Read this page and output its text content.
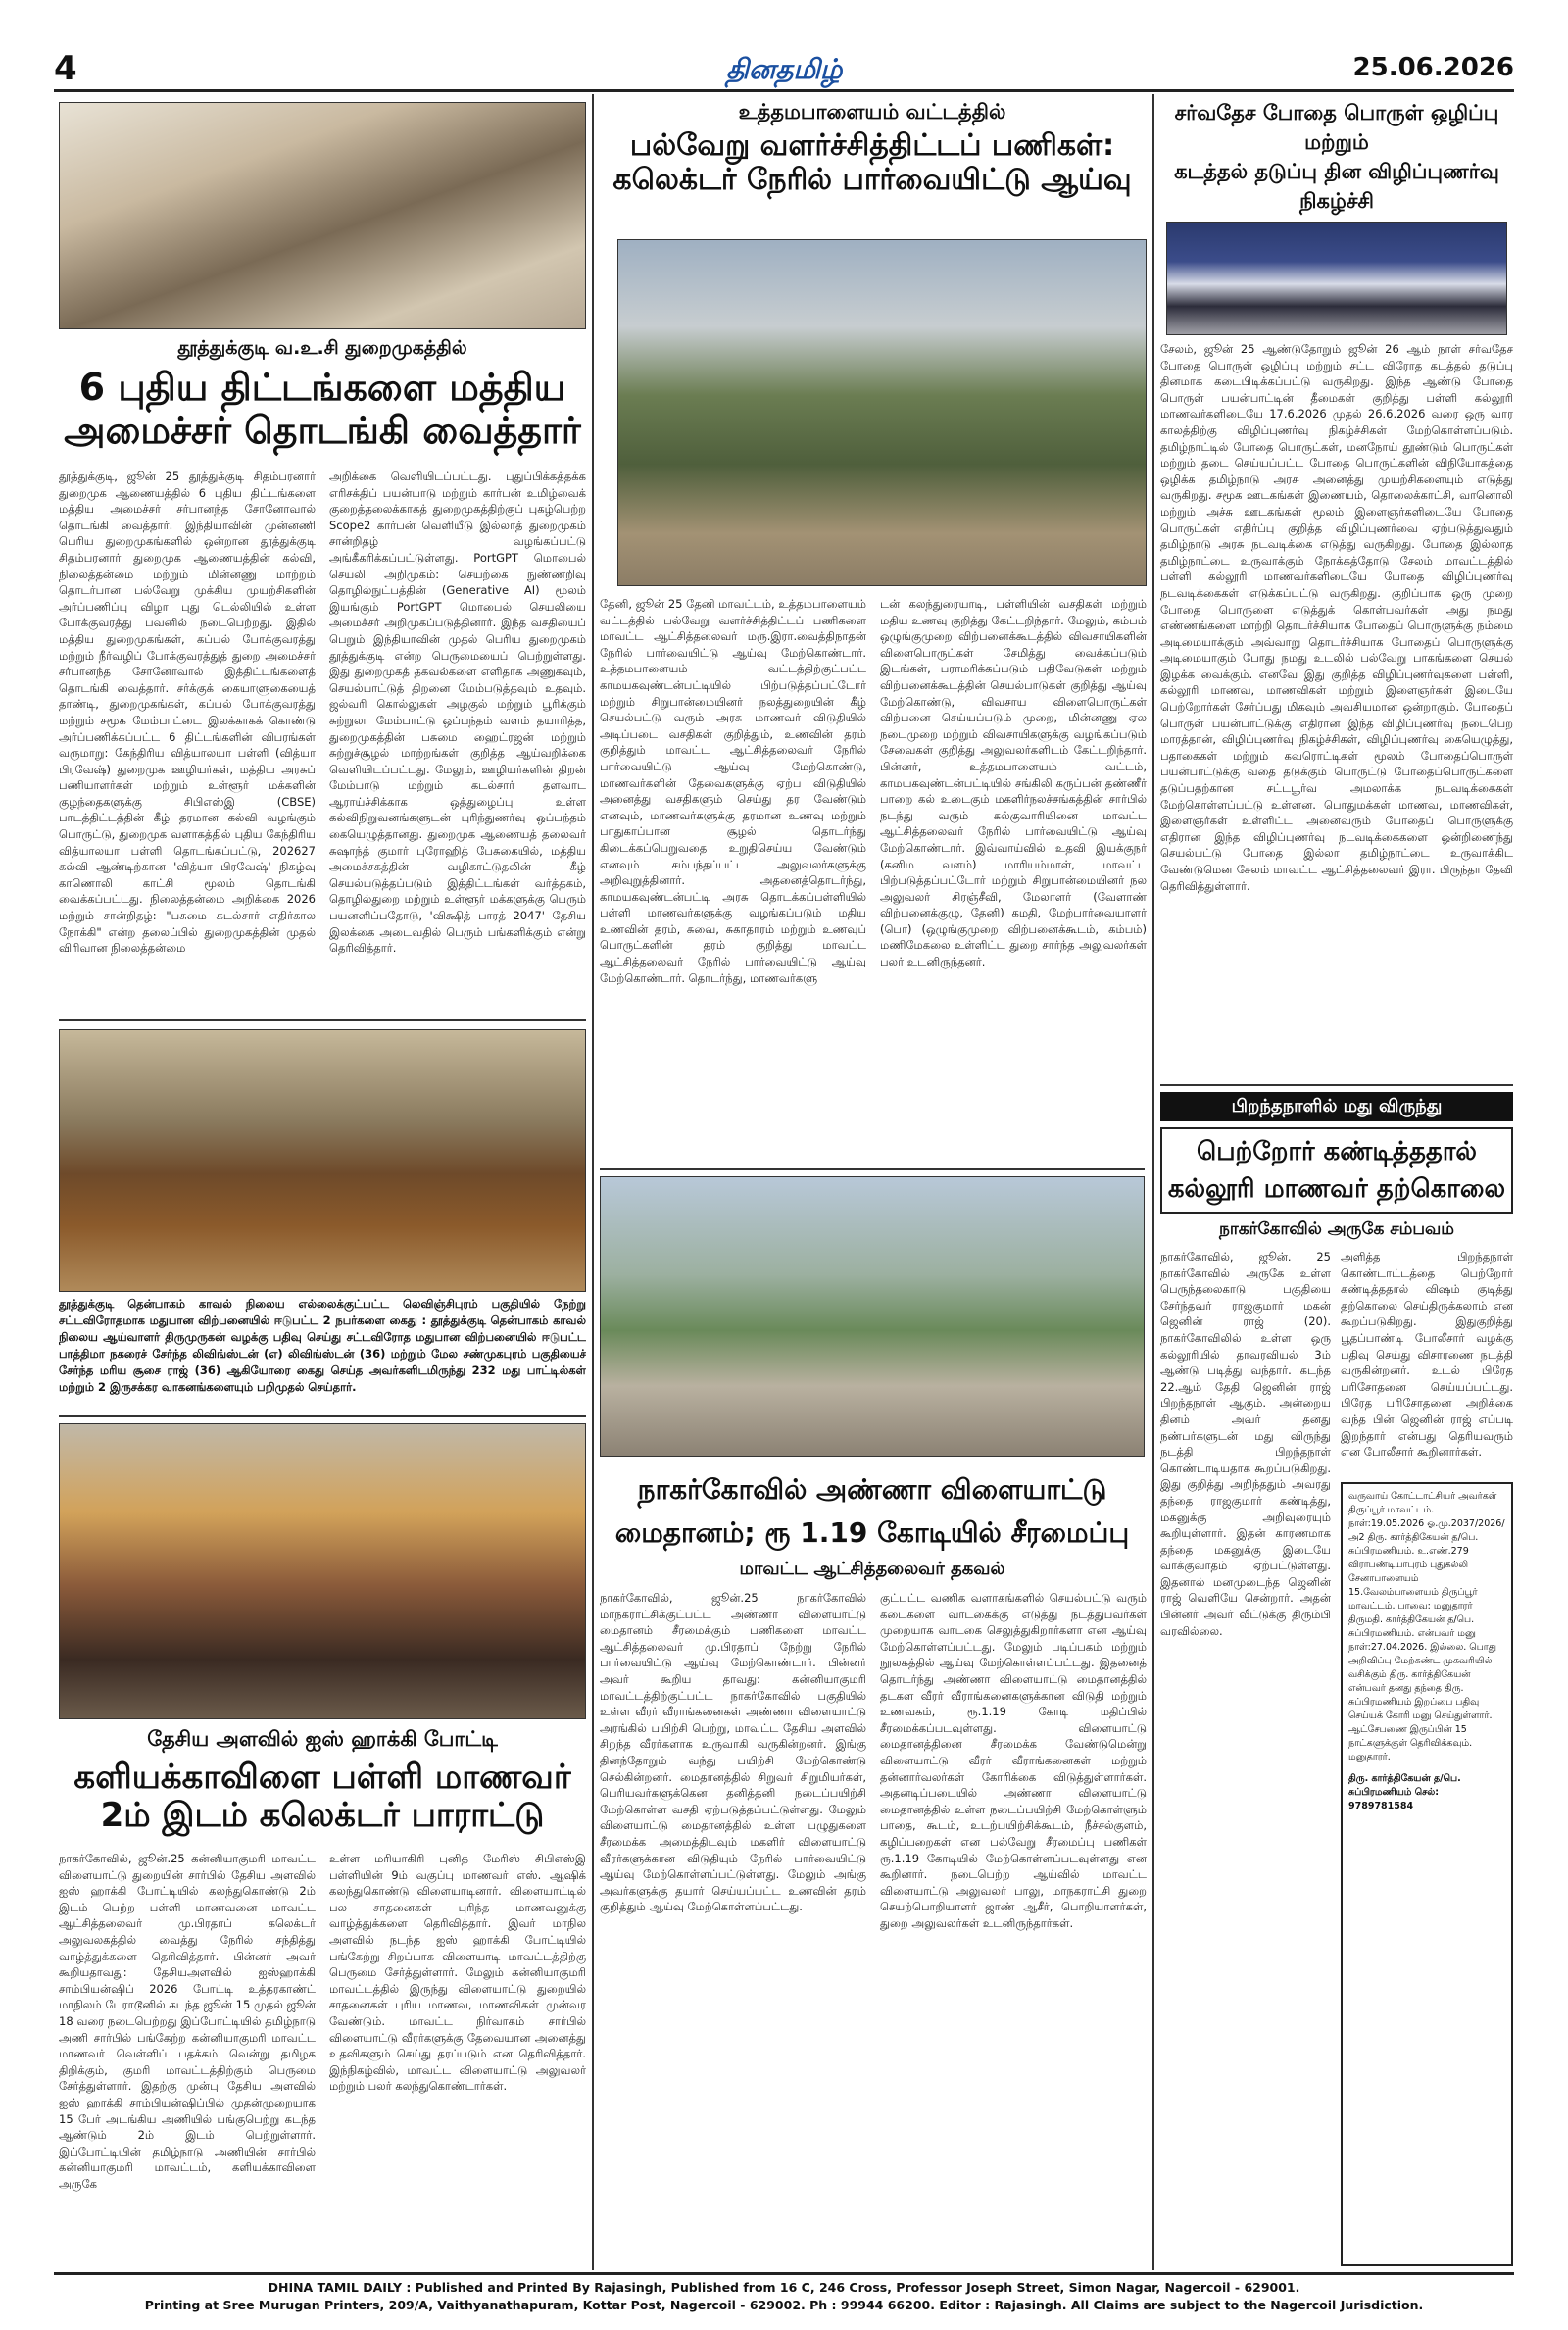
4	தினதமிழ்	25.06.2026
தூத்துக்குடி வ.உ.சி துறைமுகத்தில்
6 புதிய திட்டங்களை மத்திய
அமைச்சர் தொடங்கி வைத்தார்
தூத்துக்குடி, ஜூன் 25 தூத்துக்குடி சிதம்பரனார் துறைமுக ஆணையத்தில் 6 புதிய திட்டங்களை மத்திய அமைச்சர் சர்பானந்த சோனோவால் தொடங்கி வைத்தார். இந்தியாவின் முன்னணி பெரிய துறைமுகங்களில் ஒன்றான தூத்துக்குடி சிதம்பரனார் துறைமுக ஆணையத்தின் கல்வி, நிலைத்தன்மை மற்றும் மின்னணு மாற்றம் தொடர்பான பல்வேறு முக்கிய முயற்சிகளின் அர்ப்பணிப்பு விழா புது டெல்லியில் உள்ள போக்குவரத்து பவனில் நடைபெற்றது. இதில் மத்திய துறைமுகங்கள், கப்பல் போக்குவரத்து மற்றும் நீர்வழிப் போக்குவரத்துத் துறை அமைச்சர் சர்பானந்த சோனோவால் இத்திட்டங்களைத் தொடங்கி வைத்தார். சர்க்குக் கையாளுகையைத் தாண்டி, துறைமுகங்கள், கப்பல் போக்குவரத்து மற்றும் சமூக மேம்பாட்டை இலக்காகக் கொண்டு அர்ப்பணிக்கப்பட்ட 6 திட்டங்களின் விபரங்கள் வருமாறு: கேந்திரிய வித்யாலயா பள்ளி (வித்யா பிரவேஷ்) துறைமுக ஊழியர்கள், மத்திய அரசுப் பணியாளர்கள் மற்றும் உள்ளூர் மக்களின் குழந்தைகளுக்கு சிபிஎஸ்இ (CBSE) பாடத்திட்டத்தின் கீழ் தரமான கல்வி வழங்கும் பொருட்டு, துறைமுக வளாகத்தில் புதிய கேந்திரிய வித்யாலயா பள்ளி தொடங்கப்பட்டு, 202627 கல்வி ஆண்டிற்கான 'வித்யா பிரவேஷ்' நிகழ்வு காணொலி காட்சி மூலம் தொடங்கி வைக்கப்பட்டது. நிலைத்தன்மை அறிக்கை 2026 மற்றும் சான்றிதழ்: "பசுமை கடல்சார் எதிர்கால நோக்கி" என்ற தலைப்பில் துறைமுகத்தின் முதல் விரிவான நிலைத்தன்மை
அறிக்கை வெளியிடப்பட்டது. புதுப்பிக்கத்தக்க எரிசக்திப் பயன்பாடு மற்றும் கார்பன் உமிழ்வைக் குறைத்தலைக்காகத் துறைமுகத்திற்குப் புகழ்பெற்ற Scope2 கார்பன் வெளியீடு இல்லாத் துறைமுகம் சான்றிதழ் வழங்கப்பட்டு அங்கீகரிக்கப்பட்டுள்ளது. PortGPT மொபைல் செயலி அறிமுகம்: செயற்கை நுண்ணறிவு தொழில்நுட்பத்தின் (Generative AI) மூலம் இயங்கும் PortGPT மொபைல் செயலியை அமைச்சர் அறிமுகப்படுத்தினார். இந்த வசதியைப் பெறும் இந்தியாவின் முதல் பெரிய துறைமுகம் தூத்துக்குடி என்ற பெருமையைப் பெற்றுள்ளது. இது துறைமுகத் தகவல்களை எளிதாக அணுகவும், செயல்பாட்டுத் திறனை மேம்படுத்தவும் உதவும். ஜல்வரி கொல்லுகள் அழகுல் மற்றும் பூரிக்கும் சுற்றுலா மேம்பாட்டு ஒப்பந்தம் வளம் தயாரித்த, துறைமுகத்தின் பசுமை ஹைட்ரஜன் மற்றும் சுற்றுச்சூழல் மாற்றங்கள் குறித்த ஆய்வறிக்கை வெளியிடப்பட்டது. மேலும், ஊழியர்களின் திறன் மேம்பாடு மற்றும் கடல்சார் தளவாட ஆராய்ச்சிக்காக ஒத்துழைப்பு உள்ள கல்விநிறுவனங்களுடன் புரிந்துணர்வு ஒப்பந்தம் கையெழுத்தானது. துறைமுக ஆணையத் தலைவர் சுஷாந்த் குமார் புரோஹித் பேசுகையில், மத்திய அமைச்சகத்தின் வழிகாட்டுதலின் கீழ் செயல்படுத்தப்படும் இத்திட்டங்கள் வர்த்தகம், தொழில்துறை மற்றும் உள்ளூர் மக்களுக்கு பெரும் பயனளிப்பதோடு, 'விக்ஷித் பாரத் 2047' தேசிய இலக்கை அடைவதில் பெரும் பங்களிக்கும் என்று தெரிவித்தார்.
தூத்துக்குடி தென்பாகம் காவல் நிலைய எல்லைக்குட்பட்ட லெவிஞ்சிபுரம் பகுதியில் நேற்று சட்டவிரோதமாக மதுபான விற்பனையில் ஈடுபட்ட 2 நபர்களை கைது : தூத்துக்குடி தென்பாகம் காவல் நிலைய ஆய்வாளர் திருமுருகன் வழக்கு பதிவு செய்து சட்டவிரோத மதுபான விற்பனையில் ஈடுபட்ட பாத்திமா நகரைச் சேர்ந்த லிவிங்ஸ்டன் (எ) லிவிங்ஸ்டன் (36) மற்றும் மேல சண்முகபுரம் பகுதியைச் சேர்ந்த மரிய சூசை ராஜ் (36) ஆகியோரை கைது செய்த அவர்களிடமிருந்து 232 மது பாட்டில்கள் மற்றும் 2 இருசக்கர வாகனங்களையும் பறிமுதல் செய்தார்.
தேசிய அளவில் ஐஸ் ஹாக்கி போட்டி
களியக்காவிளை பள்ளி மாணவர்
2ம் இடம் கலெக்டர் பாராட்டு
நாகர்கோவில், ஜூன்.25 கன்னியாகுமரி மாவட்ட விளையாட்டு துறையின் சார்பில் தேசிய அளவில் ஐஸ் ஹாக்கி போட்டியில் கலந்துகொண்டு 2ம் இடம் பெற்ற பள்ளி மாணவனை மாவட்ட ஆட்சித்தலைவர் மு.பிரதாப் கலெக்டர் அலுவலகத்தில் வைத்து நேரில் சந்தித்து வாழ்த்துக்களை தெரிவித்தார். பின்னர் அவர் கூறியதாவது: தேசியஅளவில் ஐஸ்ஹாக்கி சாம்பியன்ஷிப் 2026 போட்டி உத்தரகாண்ட் மாநிலம் டேராடூனில் கடந்த ஜூன் 15 முதல் ஜூன் 18 வரை நடைபெற்றது இப்போட்டியில் தமிழ்நாடு அணி சார்பில் பங்கேற்ற கன்னியாகுமரி மாவட்ட மாணவர் வெள்ளிப் பதக்கம் வென்று தமிழக திறிக்கும், குமரி மாவட்டத்திற்கும் பெருமை சேர்த்துள்ளார். இதற்கு முன்பு தேசிய அளவில் ஐஸ் ஹாக்கி சாம்பியன்ஷிப்பில் முதன்முறையாக 15 பேர் அடங்கிய அணியில் பங்குபெற்று கடந்த ஆண்டும் 2ம் இடம் பெற்றுள்ளார். இப்போட்டியின் தமிழ்நாடு அணியின் சார்பில் கன்னியாகுமரி மாவட்டம், களியக்காவிளை அருகே
உள்ள மரியாகிரி புனித மேரிஸ் சிபிஎஸ்இ பள்ளியின் 9ம் வகுப்பு மாணவர் எஸ். ஆஷிக் கலந்துகொண்டு விளையாடினார். விளையாட்டில் பல சாதனைகள் புரிந்த மாணவனுக்கு வாழ்த்துக்களை தெரிவித்தார். இவர் மாநில அளவில் நடந்த ஐஸ் ஹாக்கி போட்டியில் பங்கேற்று சிறப்பாக விளையாடி மாவட்டத்திற்கு பெருமை சேர்த்துள்ளார். மேலும் கன்னியாகுமரி மாவட்டத்தில் இருந்து விளையாட்டு துறையில் சாதனைகள் புரிய மாணவ, மாணவிகள் முன்வர வேண்டும். மாவட்ட நிர்வாகம் சார்பில் விளையாட்டு வீரர்களுக்கு தேவையான அனைத்து உதவிகளும் செய்து தரப்படும் என தெரிவித்தார். இந்நிகழ்வில், மாவட்ட விளையாட்டு அலுவலர் மற்றும் பலர் கலந்துகொண்டார்கள்.
உத்தமபாளையம் வட்டத்தில்
பல்வேறு வளர்ச்சித்திட்டப் பணிகள்:
கலெக்டர் நேரில் பார்வையிட்டு ஆய்வு
தேனி, ஜூன் 25 தேனி மாவட்டம், உத்தமபாளையம் வட்டத்தில் பல்வேறு வளர்ச்சித்திட்டப் பணிகளை மாவட்ட ஆட்சித்தலைவர் மரு.இரா.வைத்திநாதன் நேரில் பார்வையிட்டு ஆய்வு மேற்கொண்டார். உத்தமபாளையம் வட்டத்திற்குட்பட்ட காமயகவுண்டன்பட்டியில் பிற்படுத்தப்பட்டோர் மற்றும் சிறுபான்மையினர் நலத்துறையின் கீழ் செயல்பட்டு வரும் அரசு மாணவர் விடுதியில் அடிப்படை வசதிகள் குறித்தும், உணவின் தரம் குறித்தும் மாவட்ட ஆட்சித்தலைவர் நேரில் பார்வையிட்டு ஆய்வு மேற்கொண்டு, மாணவர்களின் தேவைகளுக்கு ஏற்ப விடுதியில் அனைத்து வசதிகளும் செய்து தர வேண்டும் எனவும், மாணவர்களுக்கு தரமான உணவு மற்றும் பாதுகாப்பான சூழல் தொடர்ந்து கிடைக்கப்பெறுவதை உறுதிசெய்ய வேண்டும் எனவும் சம்பந்தப்பட்ட அலுவலர்களுக்கு அறிவுறுத்தினார். அதனைத்தொடர்ந்து, காமயகவுண்டன்பட்டி அரசு தொடக்கப்பள்ளியில் பள்ளி மாணவர்களுக்கு வழங்கப்படும் மதிய உணவின் தரம், சுவை, சுகாதாரம் மற்றும் உணவுப் பொருட்களின் தரம் குறித்து மாவட்ட ஆட்சித்தலைவர் நேரில் பார்வையிட்டு ஆய்வு மேற்கொண்டார். தொடர்ந்து, மாணவர்களு
டன் கலந்துரையாடி, பள்ளியின் வசதிகள் மற்றும் மதிய உணவு குறித்து கேட்டறிந்தார். மேலும், கம்பம் ஒழுங்குமுறை விற்பனைக்கூடத்தில் விவசாயிகளின் விளைபொருட்கள் சேமித்து வைக்கப்படும் இடங்கள், பராமரிக்கப்படும் பதிவேடுகள் மற்றும் விற்பனைக்கூடத்தின் செயல்பாடுகள் குறித்து ஆய்வு மேற்கொண்டு, விவசாய விளைபொருட்கள் விற்பனை செய்யப்படும் முறை, மின்னணு ஏல நடைமுறை மற்றும் விவசாயிகளுக்கு வழங்கப்படும் சேவைகள் குறித்து அலுவலர்களிடம் கேட்டறிந்தார். பின்னர், உத்தமபாளையம் வட்டம், காமயகவுண்டன்பட்டியில் சங்கிலி கருப்பன் தண்ணீர் பாறை கல் உடைகும் மகளிர்நலச்சங்கத்தின் சார்பில் நடந்து வரும் கல்குவாரியினை மாவட்ட ஆட்சித்தலைவர் நேரில் பார்வையிட்டு ஆய்வு மேற்கொண்டார். இவ்வாய்வில் உதவி இயக்குநர் (கனிம வளம்) மாரியம்மாள், மாவட்ட பிற்படுத்தப்பட்டோர் மற்றும் சிறுபான்மையினர் நல அலுவலர் சிரஞ்சீவி, மேலாளர் (வேளாண் விற்பனைக்குழு, தேனி) கமதி, மேற்பார்வையாளர் (பொ) (ஒழுங்குமுறை விற்பனைக்கூடம், கம்பம்) மணிமேகலை உள்ளிட்ட துறை சார்ந்த அலுவலர்கள் பலர் உடனிருந்தனர்.
நாகர்கோவில் அண்ணா விளையாட்டு
மைதானம்; ரூ 1.19 கோடியில் சீரமைப்பு
மாவட்ட ஆட்சித்தலைவர் தகவல்
நாகர்கோவில், ஜூன்.25 நாகர்கோவில் மாநகராட்சிக்குட்பட்ட அண்ணா விளையாட்டு மைதானம் சீரமைக்கும் பணிகளை மாவட்ட ஆட்சித்தலைவர் மு.பிரதாப் நேற்று நேரில் பார்வையிட்டு ஆய்வு மேற்கொண்டார். பின்னர் அவர் கூறிய தாவது: கன்னியாகுமரி மாவட்டத்திற்குட்பட்ட நாகர்கோவில் பகுதியில் உள்ள வீரர் வீராங்கனைகள் அண்ணா விளையாட்டு அரங்கில் பயிற்சி பெற்று, மாவட்ட தேசிய அளவில் சிறந்த வீரர்களாக உருவாகி வருகின்றனர். இங்கு தினந்தோறும் வந்து பயிற்சி மேற்கொண்டு செல்கின்றனர். மைதானத்தில் சிறுவர் சிறுமியர்கள், பெரியவர்களுக்கென தனித்தனி நடைப்பயிற்சி மேற்கொள்ள வசதி ஏற்படுத்தப்பட்டுள்ளது. மேலும் விளையாட்டு மைதானத்தில் உள்ள பழுதுகளை சீரமைக்க அமைத்திடவும் மகளிர் விளையாட்டு வீரர்களுக்கான விடுதியும் நேரில் பார்வையிட்டு ஆய்வு மேற்கொள்ளப்பட்டுள்ளது. மேலும் அங்கு அவர்களுக்கு தயார் செய்யப்பட்ட உணவின் தரம் குறித்தும் ஆய்வு மேற்கொள்ளப்பட்டது.
குட்பட்ட வணிக வளாகங்களில் செயல்பட்டு வரும் கடைகளை வாடகைக்கு எடுத்து நடத்துபவர்கள் முறையாக வாடகை செலுத்துகிறார்களா என ஆய்வு மேற்கொள்ளப்பட்டது. மேலும் படிப்பகம் மற்றும் நூலகத்தில் ஆய்வு மேற்கொள்ளப்பட்டது. இதனைத் தொடர்ந்து அண்ணா விளையாட்டு மைதானத்தில் தடகள வீரர் வீராங்கனைகளுக்கான விடுதி மற்றும் உணவகம், ரூ.1.19 கோடி மதிப்பில் சீரமைக்கப்படவுள்ளது. விளையாட்டு மைதானத்தினை சீரமைக்க வேண்டுமென்று விளையாட்டு வீரர் வீராங்கனைகள் மற்றும் தன்னார்வலர்கள் கோரிக்கை விடுத்துள்ளார்கள். அதனடிப்படையில் அண்ணா விளையாட்டு மைதானத்தில் உள்ள நடைப்பயிற்சி மேற்கொள்ளும் பாதை, கூடம், உடற்பயிற்சிக்கூடம், நீச்சல்குளம், கழிப்பறைகள் என பல்வேறு சீரமைப்பு பணிகள் ரூ.1.19 கோடியில் மேற்கொள்ளப்படவுள்ளது என கூறினார். நடைபெற்ற ஆய்வில் மாவட்ட விளையாட்டு அலுவலர் பாலு, மாநகராட்சி துறை செயற்பொறியாளர் ஜாண் ஆசீர், பொறியாளர்கள், துறை அலுவலர்கள் உடனிருந்தார்கள்.
சர்வதேச போதை பொருள் ஒழிப்பு மற்றும்
கடத்தல் தடுப்பு தின விழிப்புணர்வு நிகழ்ச்சி
சேலம், ஜூன் 25 ஆண்டுதோறும் ஜூன் 26 ஆம் நாள் சர்வதேச போதை பொருள் ஒழிப்பு மற்றும் சட்ட விரோத கடத்தல் தடுப்பு தினமாக கடைபிடிக்கப்பட்டு வருகிறது. இந்த ஆண்டு போதை பொருள் பயன்பாட்டின் தீமைகள் குறித்து பள்ளி கல்லூரி மாணவர்களிடையே 17.6.2026 முதல் 26.6.2026 வரை ஒரு வார காலத்திற்கு விழிப்புணர்வு நிகழ்ச்சிகள் மேற்கொள்ளப்படும். தமிழ்நாட்டில் போதை பொருட்கள், மனநோய் தூண்டும் பொருட்கள் மற்றும் தடை செய்யப்பட்ட போதை பொருட்களின் விநியோகத்தை ஒழிக்க தமிழ்நாடு அரசு அனைத்து முயற்சிகளையும் எடுத்து வருகிறது. சமூக ஊடகங்கள் இணையம், தொலைக்காட்சி, வானொலி மற்றும் அச்சு ஊடகங்கள் மூலம் இளைஞர்களிடையே போதை பொருட்கள் எதிர்ப்பு குறித்த விழிப்புணர்வை ஏற்படுத்துவதும் தமிழ்நாடு அரசு நடவடிக்கை எடுத்து வருகிறது. போதை இல்லாத தமிழ்நாட்டை உருவாக்கும் நோக்கத்தோடு சேலம் மாவட்டத்தில் பள்ளி கல்லூரி மாணவர்களிடையே போதை விழிப்புணர்வு நடவடிக்கைகள் எடுக்கப்பட்டு வருகிறது. குறிப்பாக ஒரு முறை போதை பொருளை எடுத்துக் கொள்பவர்கள் அது நமது எண்ணங்களை மாற்றி தொடர்ச்சியாக போதைப் பொருளுக்கு நம்மை அடிமையாக்கும் அவ்வாறு தொடர்ச்சியாக போதைப் பொருளுக்கு அடிமையாகும் போது நமது உடலில் பல்வேறு பாகங்களை செயல் இழக்க வைக்கும். எனவே இது குறித்த விழிப்புணர்வுகளை பள்ளி, கல்லூரி மாணவ, மாணவிகள் மற்றும் இளைஞர்கள் இடையே பெற்றோர்கள் சேர்ப்பது மிகவும் அவசியமான ஒன்றாகும். போதைப் பொருள் பயன்பாட்டுக்கு எதிரான இந்த விழிப்புணர்வு நடைபெற மாரத்தான், விழிப்புணர்வு நிகழ்ச்சிகள், விழிப்புணர்வு கையெழுத்து, பதாகைகள் மற்றும் கவரொட்டிகள் மூலம் போதைப்பொருள் பயன்பாட்டுக்கு வதை தடுக்கும் பொருட்டு போதைப்பொருட்களை தடுப்பதற்கான சட்டபூர்வ அமலாக்க நடவடிக்கைகள் மேற்கொள்ளப்பட்டு உள்ளன. பொதுமக்கள் மாணவ, மாணவிகள், இளைஞர்கள் உள்ளிட்ட அனைவரும் போதைப் பொருளுக்கு எதிரான இந்த விழிப்புணர்வு நடவடிக்கைகளை ஒன்றிணைந்து செயல்பட்டு போதை இல்லா தமிழ்நாட்டை உருவாக்கிட வேண்டுமென சேலம் மாவட்ட ஆட்சித்தலைவர் இரா. பிருந்தா தேவி தெரிவித்துள்ளார்.
பிறந்தநாளில் மது விருந்து
பெற்றோர் கண்டித்ததால்
கல்லூரி மாணவர் தற்கொலை
நாகர்கோவில் அருகே சம்பவம்
நாகர்கோவில், ஜூன். 25 நாகர்கோவில் அருகே உள்ள பெருந்தலைகாடு பகுதியை சேர்ந்தவர் ராஜகுமார் மகன் ஜெனின் ராஜ் (20). நாகர்கோவிலில் உள்ள ஒரு கல்லூரியில் தாவரவியல் 3ம் ஆண்டு படித்து வந்தார். கடந்த 22.ஆம் தேதி ஜெனின் ராஜ் பிறந்தநாள் ஆகும். அன்றைய தினம் அவர் தனது நண்பர்களுடன் மது விருந்து நடத்தி பிறந்தநாள் கொண்டாடியதாக கூறப்படுகிறது. இது குறித்து அறிந்ததும் அவரது தந்தை ராஜகுமார் கண்டித்து, மகனுக்கு அறிவுரையும் கூறியுள்ளார். இதன் காரணமாக தந்தை மகனுக்கு இடையே வாக்குவாதம் ஏற்பட்டுள்ளது. இதனால் மனமுடைந்த ஜெனின் ராஜ் வெளியே சென்றார். அதன் பின்னர் அவர் வீட்டுக்கு திரும்பி வரவில்லை.
அளித்த பிறந்தநாள் கொண்டாட்டத்தை பெற்றோர் கண்டித்ததால் விஷம் குடித்து தற்கொலை செய்திருக்கலாம் என கூறப்படுகிறது. இதுகுறித்து பூதப்பாண்டி போலீசார் வழக்கு பதிவு செய்து விசாரணை நடத்தி வருகின்றனர். உடல் பிரேத பரிசோதனை செய்யப்பட்டது. பிரேத பரிசோதனை அறிக்கை வந்த பின் ஜெனின் ராஜ் எப்படி இறந்தார் என்பது தெரியவரும் என போலீசார் கூறினார்கள்.
வருவாய் கோட்டாட்சியர் அவர்கள் திருப்பூர் மாவட்டம். நாள்:19.05.2026 ஓ.மு.2037/2026/அ2 திரு. கார்த்திகேயன் த/பெ. சுப்பிரமணியம். உ.எண்.279 விராபண்டியாபுரம் புதுகல்லி சேனாபாளையம் 15.வேலம்பாளையம் திருப்பூர் மாவட்டம். பாவை: மனுதாரர் திருமதி. கார்த்திகேயன் த/பெ. சுப்பிரமணியம். என்பவர் மனு நாள்:27.04.2026. இல்லை. பொது அறிவிப்பு மேற்கண்ட முகவரியில் வசிக்கும் திரு. கார்த்திகேயன் என்பவர் தனது தந்தை திரு. சுப்பிரமணியம் இறப்பை பதிவு செய்யக் கோரி மனு செய்துள்ளார். ஆட்சேபணை இருப்பின் 15 நாட்களுக்குள் தெரிவிக்கவும். மனுதாரர்.
திரு. கார்த்திகேயன் த/பெ. சுப்பிரமணியம் செல்: 9789781584
DHINA TAMIL DAILY : Published and Printed By Rajasingh, Published from 16 C, 246 Cross, Professor Joseph Street, Simon Nagar, Nagercoil - 629001.
Printing at Sree Murugan Printers, 209/A, Vaithyanathapuram, Kottar Post, Nagercoil - 629002. Ph : 99944 66200. Editor : Rajasingh. All Claims are subject to the Nagercoil Jurisdiction.
